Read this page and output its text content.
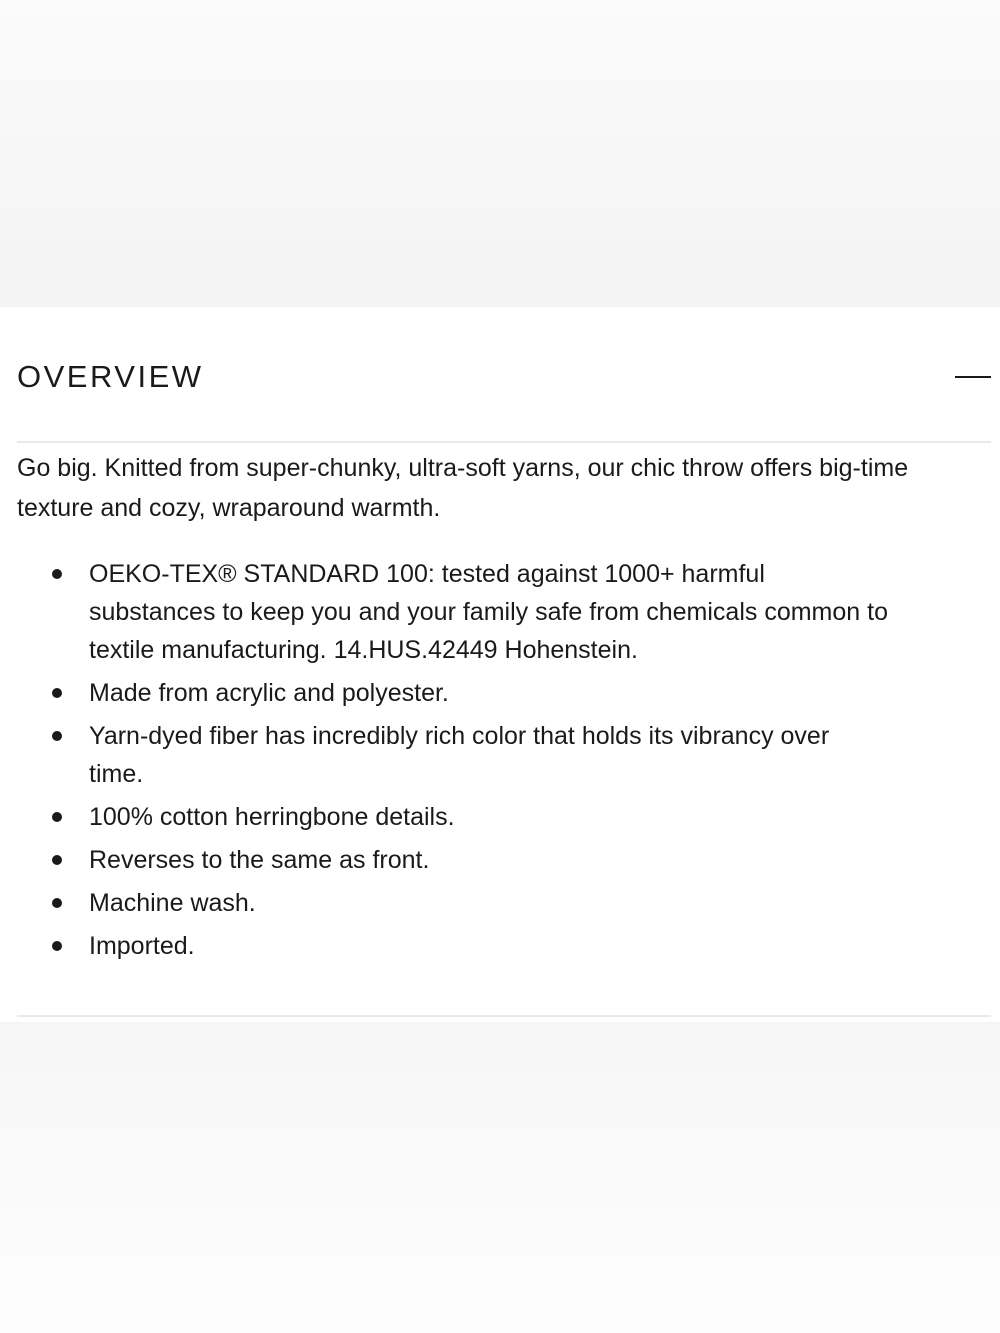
OVERVIEW

Go big. Knitted from super-chunky, ultra-soft yarns, our chic throw offers big-time texture and cozy, wraparound warmth.

OEKO-TEX® STANDARD 100: tested against 1000+ harmful substances to keep you and your family safe from chemicals common to textile manufacturing. 14.HUS.42449 Hohenstein.
Made from acrylic and polyester.
Yarn-dyed fiber has incredibly rich color that holds its vibrancy over time.
100% cotton herringbone details.
Reverses to the same as front.
Machine wash.
Imported.
